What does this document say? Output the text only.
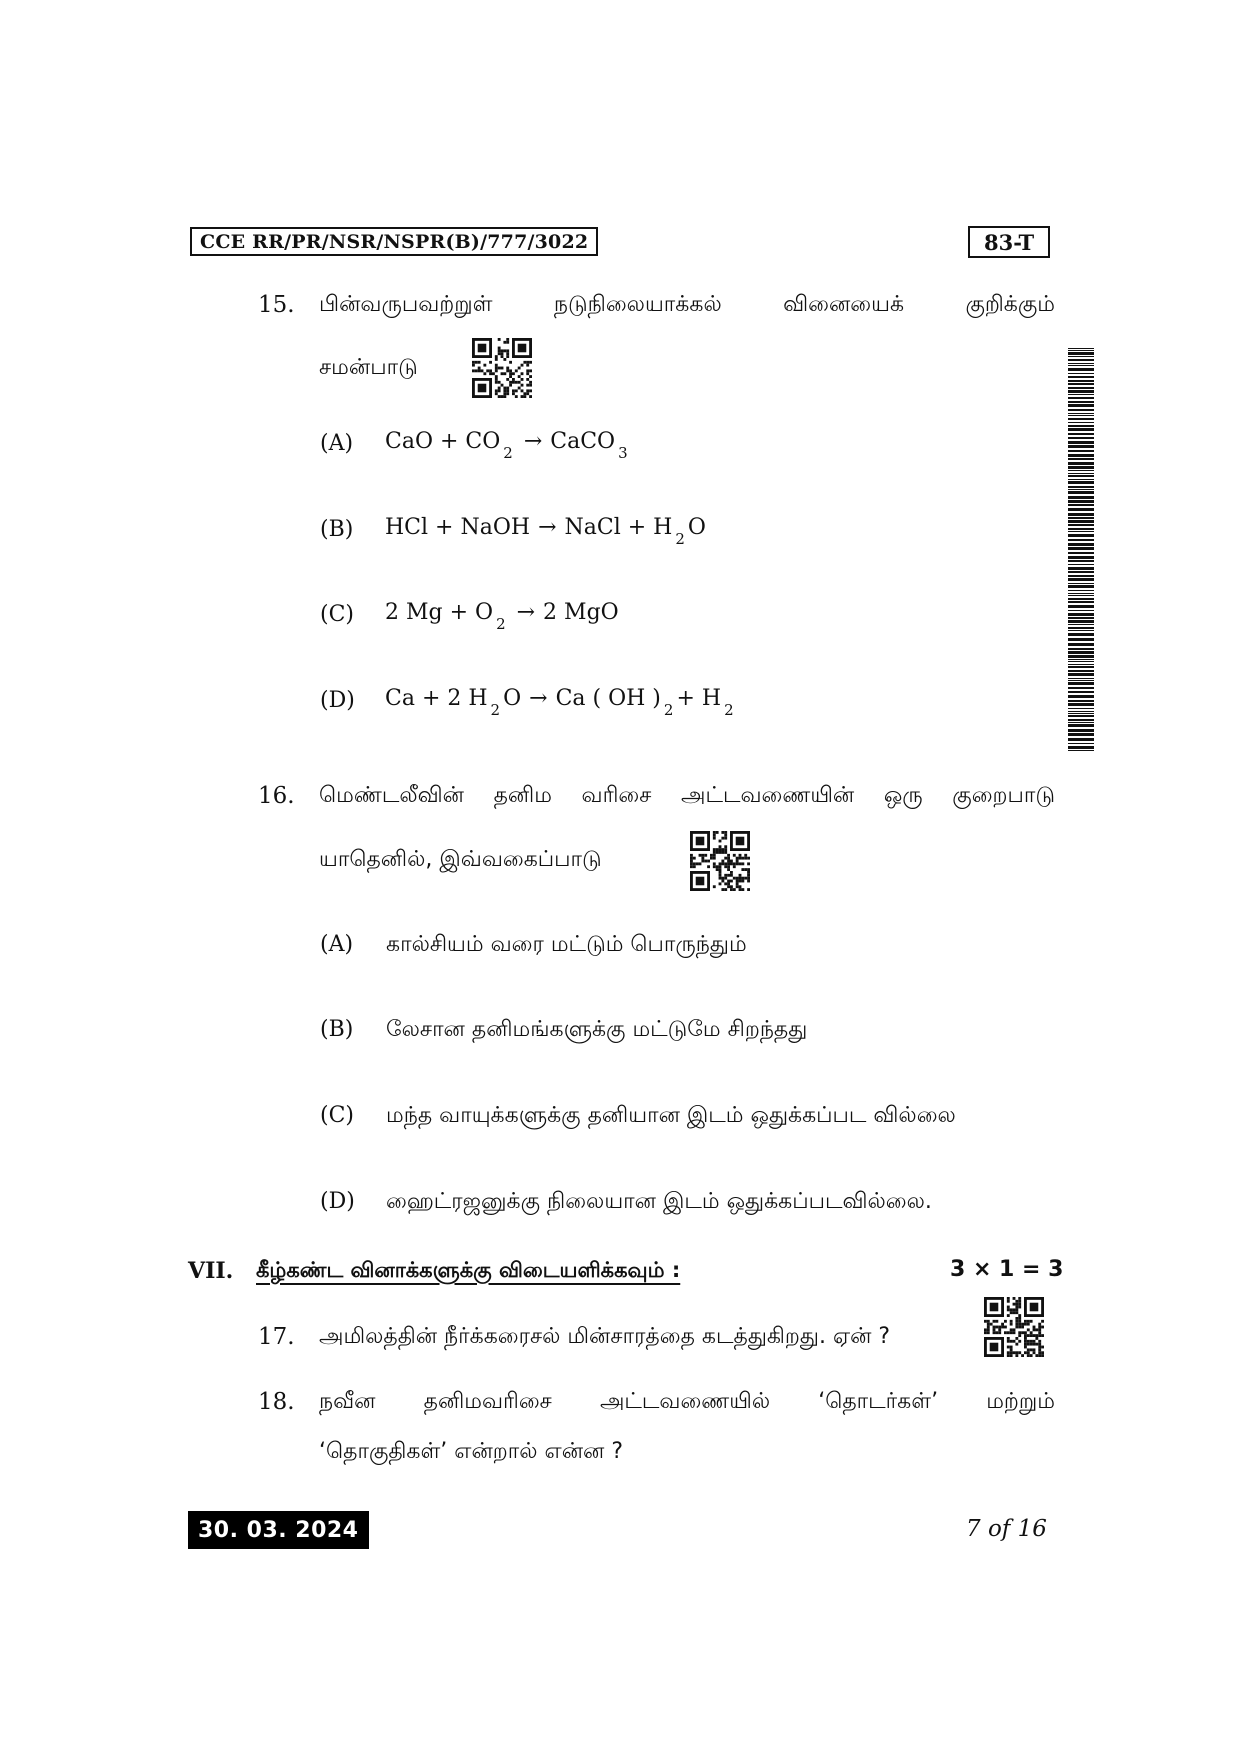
CCE RR/PR/NSR/NSPR(B)/777/3022	83-T
15. பின்வருபவற்றுள்	நடுநிலையாக்கல்	வினையைக்	குறிக்கும்
சமன்பாடு
(A) CaO + CO $_2$ → CaCO $_3$
(B) HCl + NaOH → NaCl + H $_2$ O
(C) 2 Mg + O $_2$ → 2 MgO
(D) Ca + 2 H $_2$ O → Ca ( OH ) $_2$ + H $_2$
16. மெண்டலீவின் தனிம வரிசை அட்டவணையின் ஒரு குறைபாடு
யாதெனில், இவ்வகைப்பாடு
(A) கால்சியம் வரை மட்டும் பொருந்தும்
(B) லேசான தனிமங்களுக்கு மட்டுமே சிறந்தது
(C) மந்த வாயுக்களுக்கு தனியான இடம் ஒதுக்கப்பட வில்லை
(D) ஹைட்ரஜனுக்கு நிலையான இடம் ஒதுக்கப்படவில்லை.
VII. கீழ்கண்ட வினாக்களுக்கு விடையளிக்கவும் :	3 × 1 = 3
17. அமிலத்தின் நீர்க்கரைசல் மின்சாரத்தை கடத்துகிறது. ஏன் ?
18. நவீன தனிமவரிசை அட்டவணையில் ‘தொடர்கள்’ மற்றும்
‘தொகுதிகள்’ என்றால் என்ன ?
30. 03. 2024	7 of 16
